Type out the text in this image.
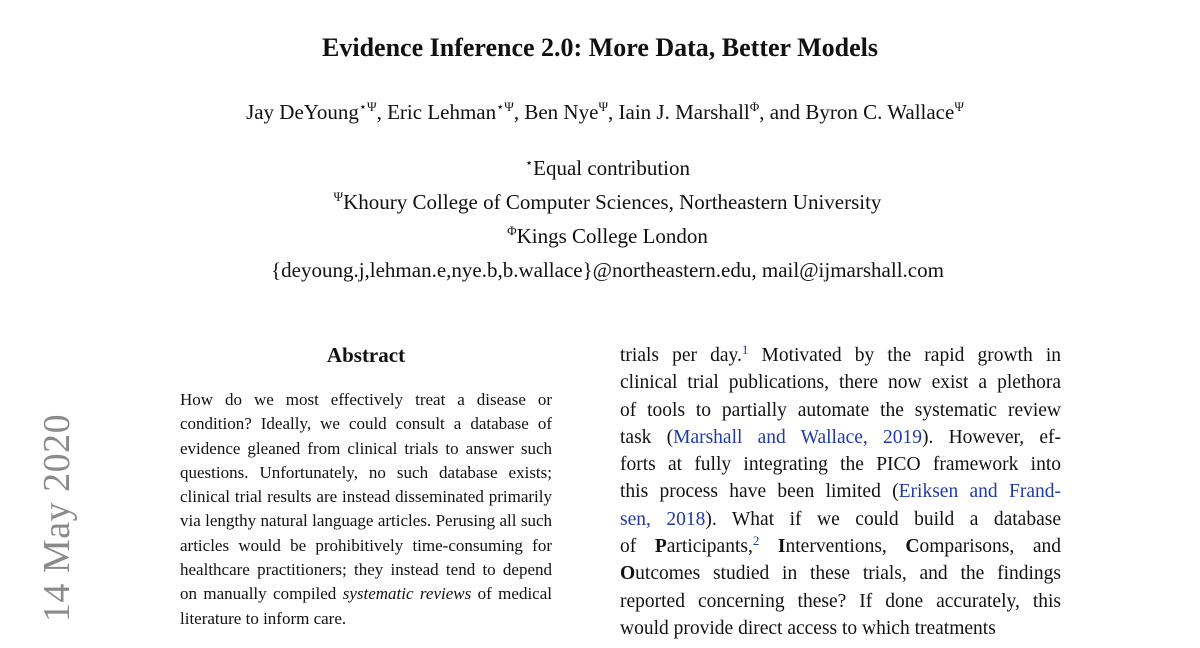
14 May 2020
Evidence Inference 2.0: More Data, Better Models
Jay DeYoung$^{⋆\Psi}$, Eric Lehman$^{⋆\Psi}$, Ben Nye$^\Psi$, Iain J. Marshall$^\Phi$, and Byron C. Wallace$^\Psi$
⋆Equal contribution
$^\Psi$Khoury College of Computer Sciences, Northeastern University
$^\Phi$Kings College London
{deyoung.j,lehman.e,nye.b,b.wallace}@northeastern.edu, mail@ijmarshall.com
Abstract
How do we most effectively treat a disease or condition? Ideally, we could consult a database of evidence gleaned from clinical trials to answer such questions. Unfortunately, no such database exists; clinical trial results are instead disseminated primarily via lengthy natural language articles. Perusing all such articles would be prohibitively time-consuming for healthcare practitioners; they instead tend to depend on manually compiled systematic reviews of medical literature to inform care.
trials per day.$^1$ Motivated by the rapid growth in
clinical trial publications, there now exist a plethora
of tools to partially automate the systematic review
task (Marshall and Wallace, 2019). However, ef-
forts at fully integrating the PICO framework into
this process have been limited (Eriksen and Frand-
sen, 2018). What if we could build a database
of Participants,$^2$ Interventions, Comparisons, and
Outcomes studied in these trials, and the findings
reported concerning these? If done accurately, this
would provide direct access to which treatments
